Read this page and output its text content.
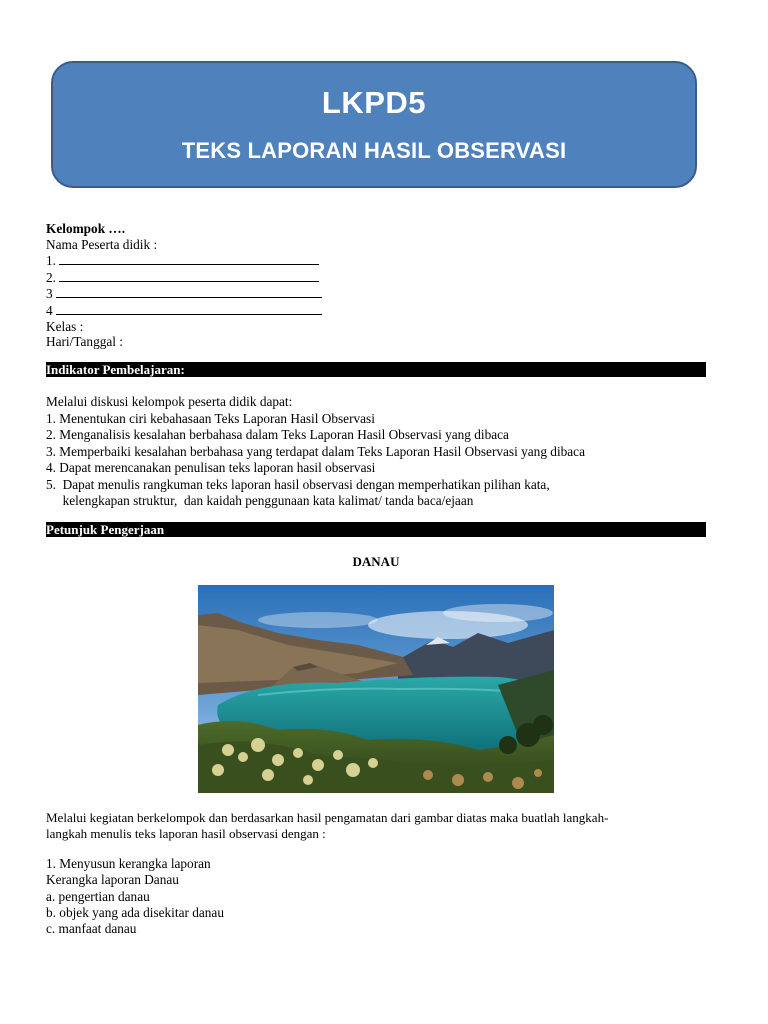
LKPD5
TEKS LAPORAN HASIL OBSERVASI
Kelompok ….
Nama Peserta didik :
1.
2.
3
4
Kelas :
Hari/Tanggal :
Indikator Pembelajaran:
Melalui diskusi kelompok peserta didik dapat:
1. Menentukan ciri kebahasaan Teks Laporan Hasil Observasi
2. Menganalisis kesalahan berbahasa dalam Teks Laporan Hasil Observasi yang dibaca
3. Memperbaiki kesalahan berbahasa yang terdapat dalam Teks Laporan Hasil Observasi yang dibaca
4. Dapat merencanakan penulisan teks laporan hasil observasi
5.  Dapat menulis rangkuman teks laporan hasil observasi dengan memperhatikan pilihan kata,
kelengkapan struktur,  dan kaidah penggunaan kata kalimat/ tanda baca/ejaan
Petunjuk Pengerjaan
DANAU
Melalui kegiatan berkelompok dan berdasarkan hasil pengamatan dari gambar diatas maka buatlah langkah-
langkah menulis teks laporan hasil observasi dengan :
1. Menyusun kerangka laporan
Kerangka laporan Danau
a. pengertian danau
b. objek yang ada disekitar danau
c. manfaat danau
